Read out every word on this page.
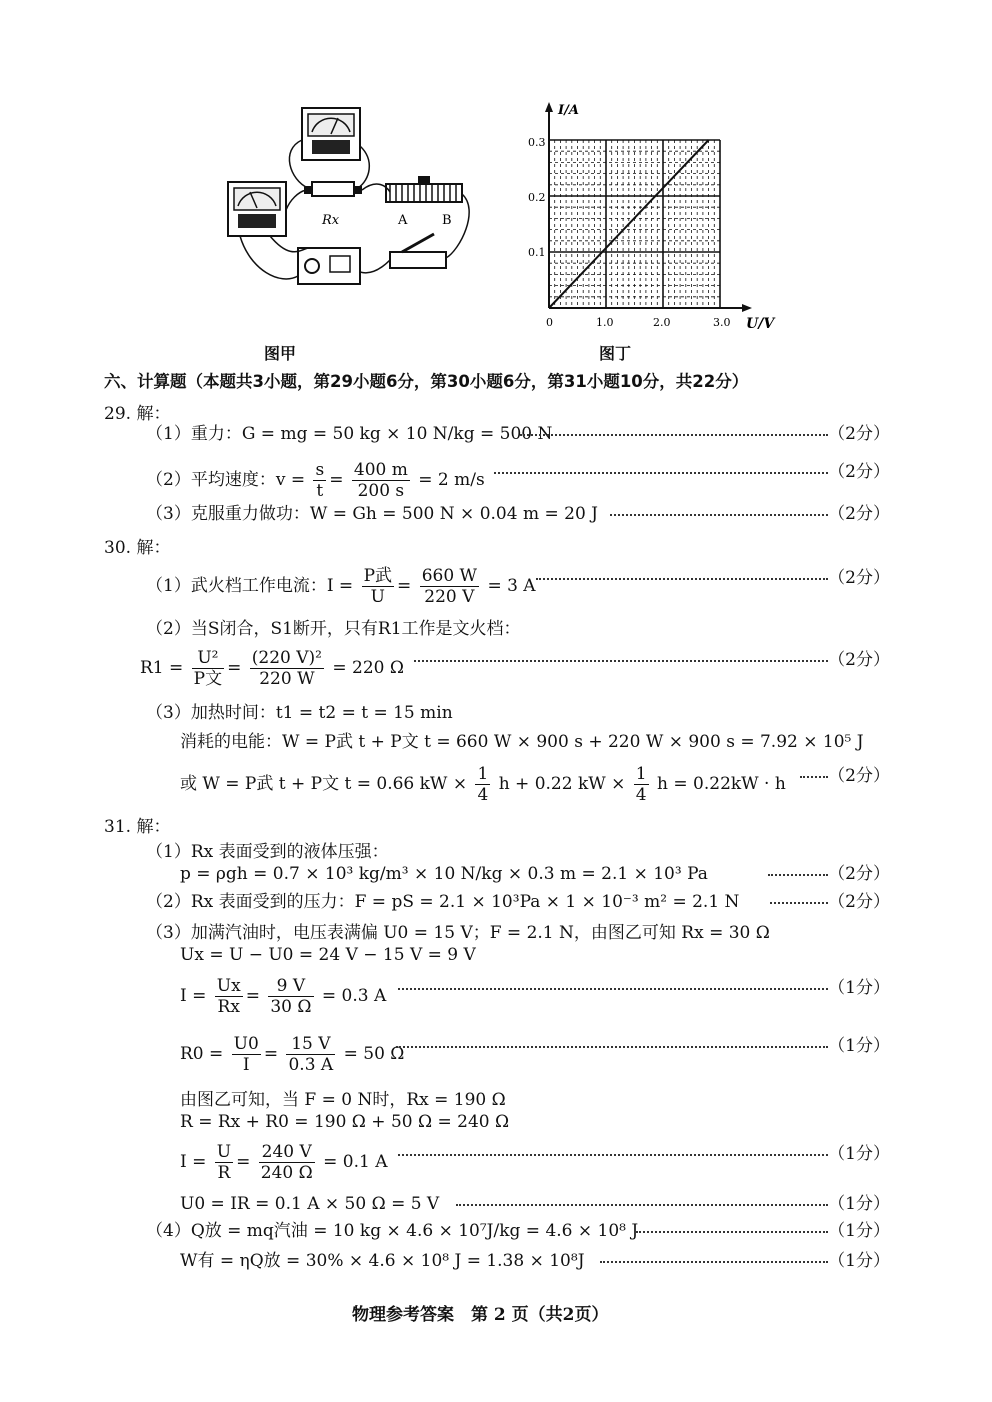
Rx	A	B
图甲
I/A
U/V
0.3
0.2
0.1
0	1.0	2.0	3.0
图丁
六、计算题（本题共3小题，第29小题6分，第30小题6分，第31小题10分，共22分）
29. 解：
（1）重力：G = mg = 50 kg × 10 N/kg = 500 N	（2分）
（2）平均速度：$v = \frac{s}{t} = \frac{400 m}{200 s} = 2$ m/s	（2分）
（3）克服重力做功：W = Gh = 500 N × 0.04 m = 20 J	（2分）
30. 解：
（1）武火档工作电流：$I = \frac{\text{P武}}{U} = \frac{660 W}{220 V} = 3$ A	（2分）
（2）当S闭合，S1断开，只有R1工作是文火档：
$R1 = \frac{\text{U²}}{\text{P文}} = \frac{\text{(220 V)²}}{220 W} = 220$ Ω	（2分）
（3）加热时间：t1 = t2 = t = 15 min
消耗的电能：W = P武 t + P文 t = 660 W × 900 s + 220 W × 900 s = 7.92 × 10⁵ J
或 W = P武 t + P文 t = 0.66 kW × $\frac{1}{4}$ h + 0.22 kW × $\frac{1}{4}$ h = 0.22kW · h （2分）
31. 解：
（1）Rx 表面受到的液体压强：
p = ρgh = 0.7 × 10³ kg/m³ × 10 N/kg × 0.3 m = 2.1 × 10³ Pa	（2分）
（2）Rx 表面受到的压力：F = pS = 2.1 × 10³Pa × 1 × 10⁻³ m² = 2.1 N	（2分）
（3）加满汽油时，电压表满偏 U0 = 15 V；F = 2.1 N，由图乙可知 Rx = 30 Ω
Ux = U − U0 = 24 V − 15 V = 9 V
$I = \frac{Ux}{Rx} = \frac{9 V}{30 \Omega} = 0.3$ A	（1分）
$R0 = \frac{U0}{I} = \frac{15 V}{0.3 A} = 50$ Ω	（1分）
由图乙可知，当 F = 0 N时，Rx = 190 Ω
R = Rx + R0 = 190 Ω + 50 Ω = 240 Ω
$I = \frac{U}{R} = \frac{240 V}{240 \Omega} = 0.1$ A	（1分）
U0 = IR = 0.1 A × 50 Ω = 5 V	（1分）
（4）Q放 = mq汽油 = 10 kg × 4.6 × 10⁷J/kg = 4.6 × 10⁸ J	（1分）
W有 = ηQ放 = 30% × 4.6 × 10⁸ J = 1.38 × 10⁸J	（1分）
物理参考答案　第 2 页（共2页）
